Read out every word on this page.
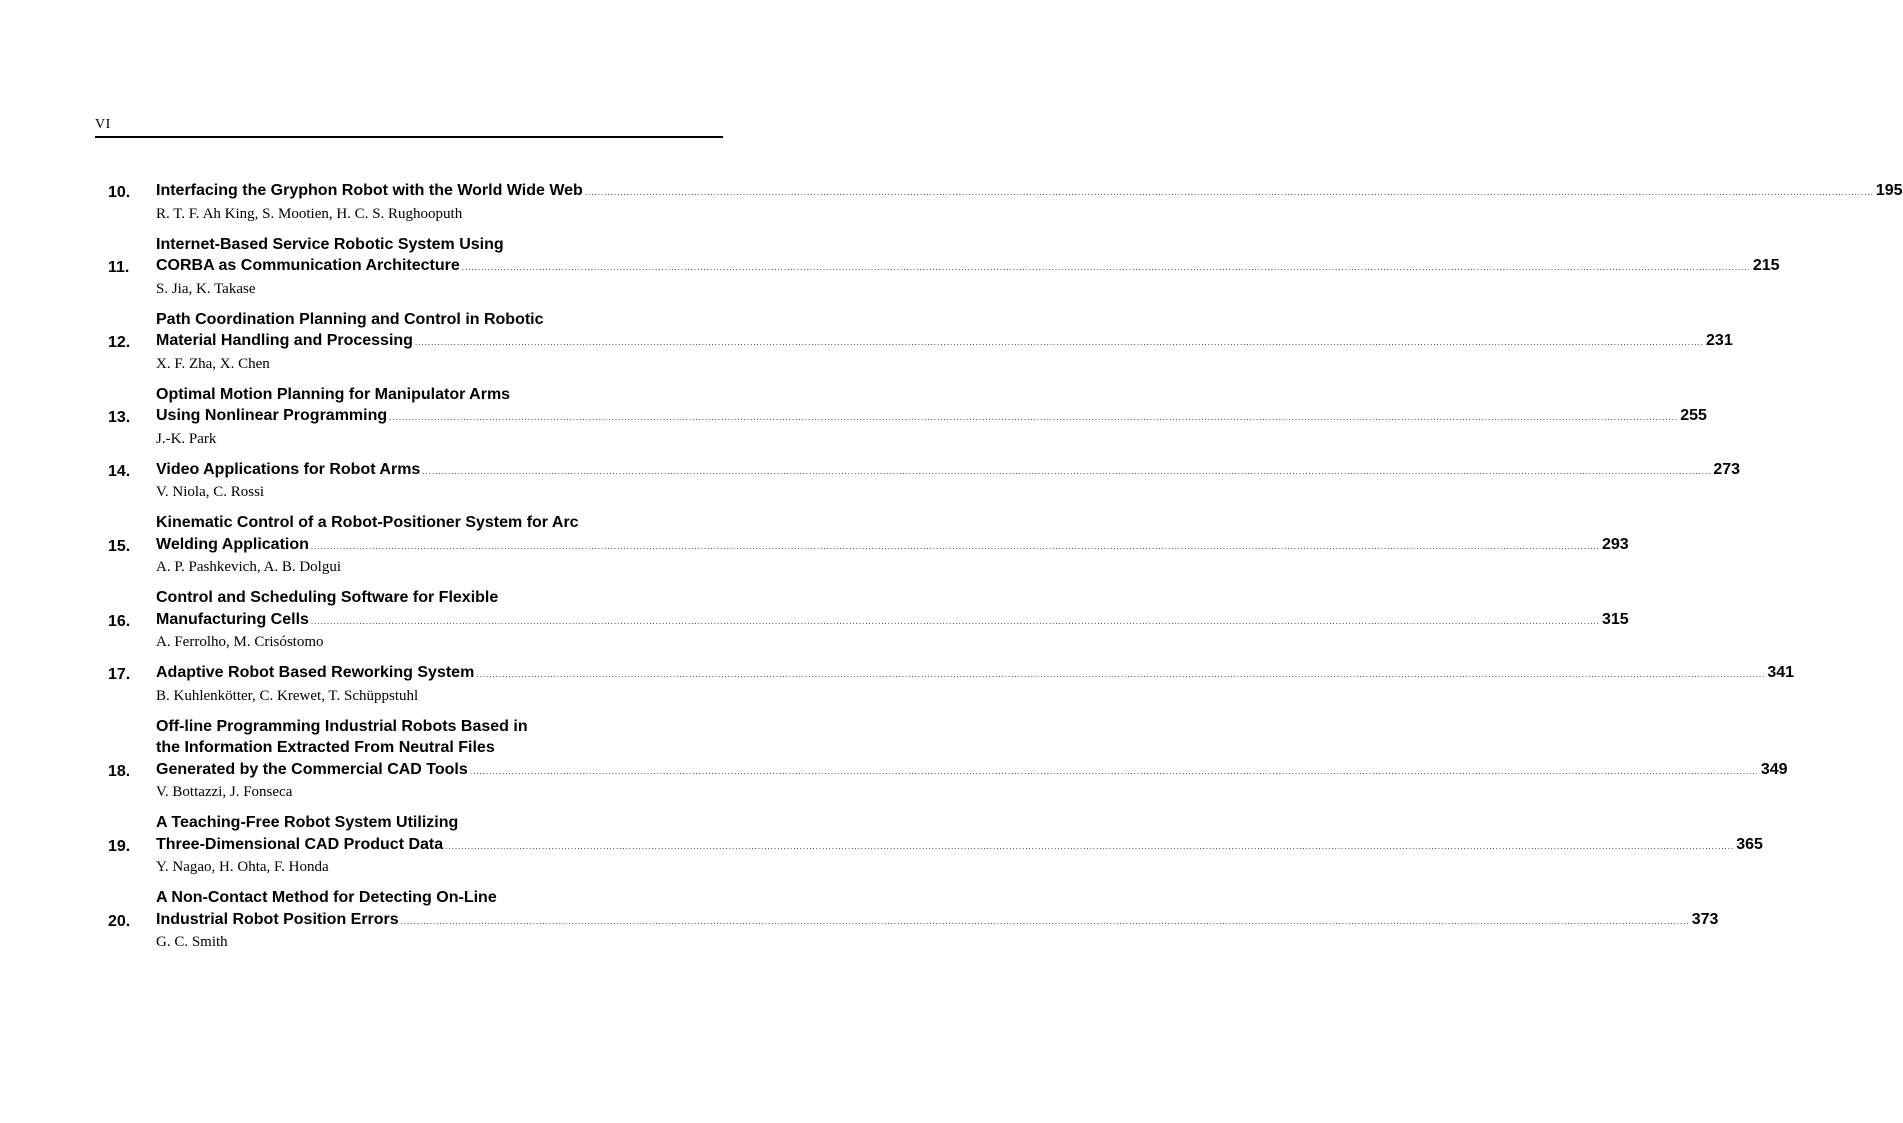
VI
10.	Interfacing the Gryphon Robot with the World Wide Web ................................................................................................................................................................................................................................................................................................................................................................................................................ 195
R. T. F. Ah King, S. Mootien, H. C. S. Rughooputh
11.
Internet-Based Service Robotic System Using
CORBA as Communication Architecture ................................................................................................................................................................................................................................................................................................................................................................................................................ 215
S. Jia, K. Takase
12.
Path Coordination Planning and Control in Robotic
Material Handling and Processing ................................................................................................................................................................................................................................................................................................................................................................................................................ 231
X. F. Zha, X. Chen
13.
Optimal Motion Planning for Manipulator Arms
Using Nonlinear Programming ................................................................................................................................................................................................................................................................................................................................................................................................................ 255
J.-K. Park
14.	Video Applications for Robot Arms ................................................................................................................................................................................................................................................................................................................................................................................................................ 273
V. Niola, C. Rossi
15.
Kinematic Control of a Robot-Positioner System for Arc
Welding Application ................................................................................................................................................................................................................................................................................................................................................................................................................ 293
A. P. Pashkevich, A. B. Dolgui
16.
Control and Scheduling Software for Flexible
Manufacturing Cells ................................................................................................................................................................................................................................................................................................................................................................................................................ 315
A. Ferrolho, M. Crisóstomo
17.	Adaptive Robot Based Reworking System ................................................................................................................................................................................................................................................................................................................................................................................................................ 341
B. Kuhlenkötter, C. Krewet, T. Schüppstuhl
18.
Off-line Programming Industrial Robots Based in
the Information Extracted From Neutral Files
Generated by the Commercial CAD Tools ................................................................................................................................................................................................................................................................................................................................................................................................................ 349
V. Bottazzi, J. Fonseca
19.
A Teaching-Free Robot System Utilizing
Three-Dimensional CAD Product Data ................................................................................................................................................................................................................................................................................................................................................................................................................ 365
Y. Nagao, H. Ohta, F. Honda
20.
A Non-Contact Method for Detecting On-Line
Industrial Robot Position Errors ................................................................................................................................................................................................................................................................................................................................................................................................................ 373
G. C. Smith
